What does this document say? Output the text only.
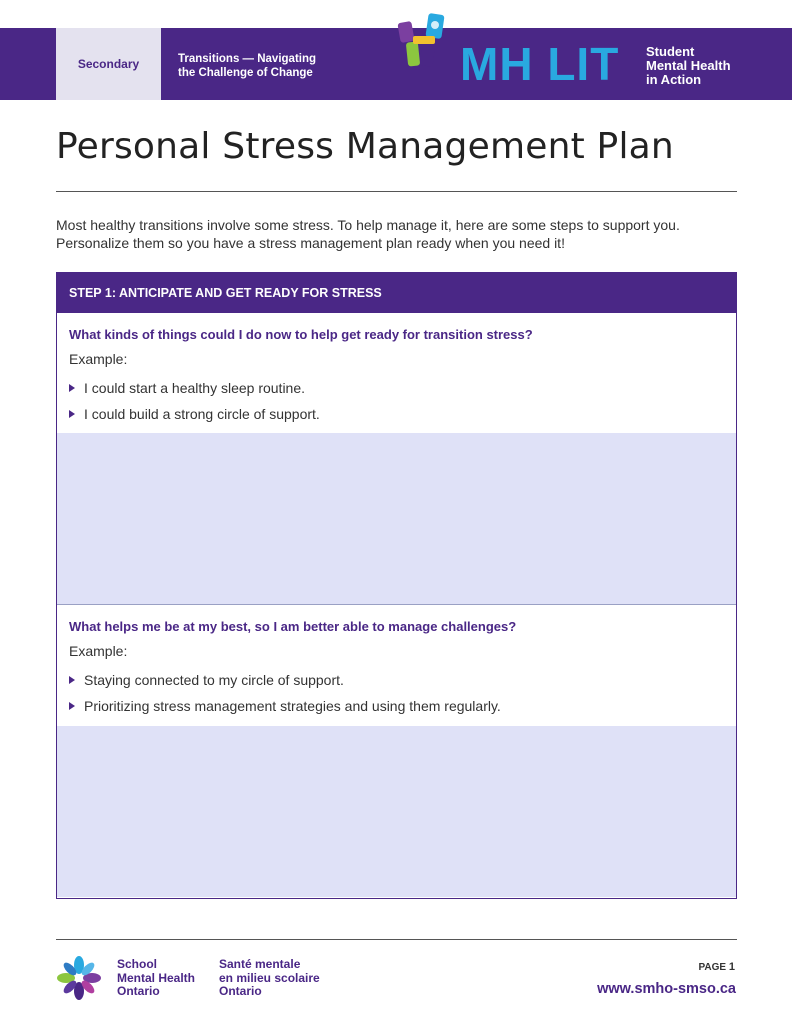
Secondary	Transitions — Navigating
the Challenge of Change	MH LIT Student
Mental Health
in Action
Personal Stress Management Plan
Most healthy transitions involve some stress. To help manage it, here are some steps to support you.
Personalize them so you have a stress management plan ready when you need it!
STEP 1: ANTICIPATE AND GET READY FOR STRESS
What kinds of things could I do now to help get ready for transition stress?
Example:
I could start a healthy sleep routine.
I could build a strong circle of support.
What helps me be at my best, so I am better able to manage challenges?
Example:
Staying connected to my circle of support.
Prioritizing stress management strategies and using them regularly.
School
Mental Health
Ontario
Santé mentale
en milieu scolaire
Ontario
PAGE 1
www.smho-smso.ca
